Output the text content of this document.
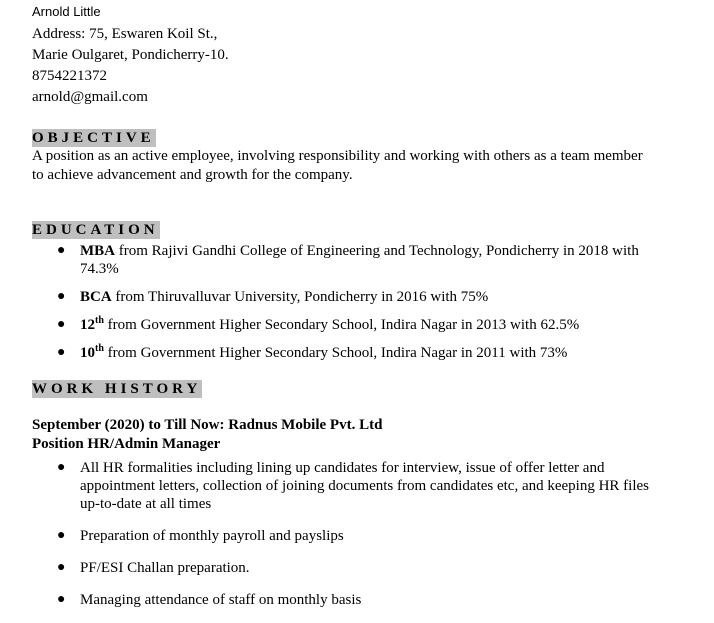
Arnold Little
Address: 75, Eswaren Koil St.,
Marie Oulgaret, Pondicherry-10.
8754221372
arnold@gmail.com
OBJECTIVE
A position as an active employee, involving responsibility and working with others as a team member
to achieve advancement and growth for the company.
EDUCATION
● MBA from Rajivi Gandhi College of Engineering and Technology, Pondicherry in 2018 with
74.3%
● BCA from Thiruvalluvar University, Pondicherry in 2016 with 75%
● 12th from Government Higher Secondary School, Indira Nagar in 2013 with 62.5%
● 10th from Government Higher Secondary School, Indira Nagar in 2011 with 73%
WORK HISTORY
September (2020) to Till Now: Radnus Mobile Pvt. Ltd
Position HR/Admin Manager
● All HR formalities including lining up candidates for interview, issue of offer letter and
appointment letters, collection of joining documents from candidates etc, and keeping HR files
up-to-date at all times
● Preparation of monthly payroll and payslips
● PF/ESI Challan preparation.
● Managing attendance of staff on monthly basis
